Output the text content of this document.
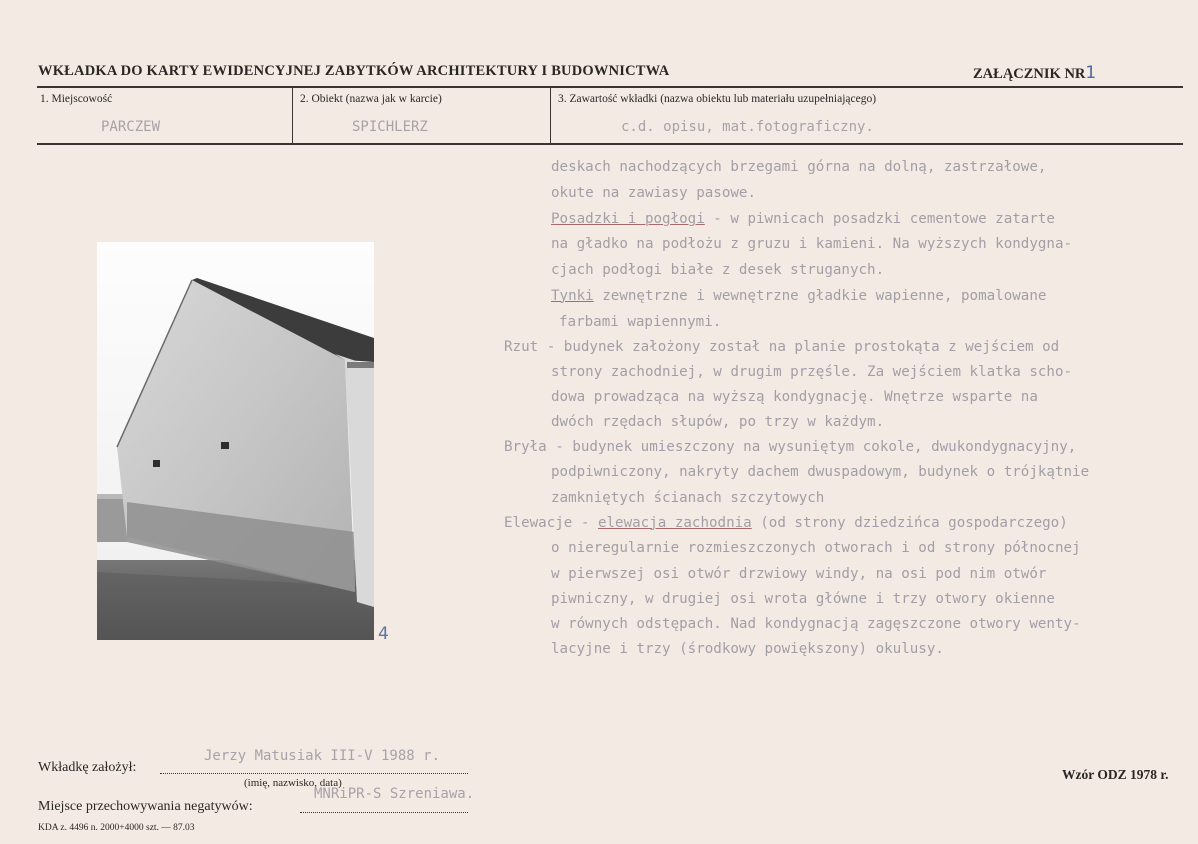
WKŁADKA DO KARTY EWIDENCYJNEJ ZABYTKÓW ARCHITEKTURY I BUDOWNICTWA	ZAŁĄCZNIK NR1
1. Miejscowość
PARCZEW
2. Obiekt (nazwa jak w karcie)
SPICHLERZ
3. Zawartość wkładki (nazwa obiektu lub materiału uzupełniającego)
c.d. opisu, mat.fotograficzny.
4
deskach nachodzących brzegami górna na dolną, zastrzałowe,
okute na zawiasy pasowe.
Posadzki i pogłogi - w piwnicach posadzki cementowe zatarte
na gładko na podłożu z gruzu i kamieni. Na wyższych kondygna-
cjach podłogi białe z desek struganych.
Tynki zewnętrzne i wewnętrzne gładkie wapienne, pomalowane
farbami wapiennymi.
Rzut - budynek założony został na planie prostokąta z wejściem od
strony zachodniej, w drugim przęśle. Za wejściem klatka scho-
dowa prowadząca na wyższą kondygnację. Wnętrze wsparte na
dwóch rzędach słupów, po trzy w każdym.
Bryła - budynek umieszczony na wysuniętym cokole, dwukondygnacyjny,
podpiwniczony, nakryty dachem dwuspadowym, budynek o trójkątnie
zamkniętych ścianach szczytowych
Elewacje - elewacja zachodnia (od strony dziedzińca gospodarczego)
o nieregularnie rozmieszczonych otworach i od strony północnej
w pierwszej osi otwór drzwiowy windy, na osi pod nim otwór
piwniczny, w drugiej osi wrota główne i trzy otwory okienne
w równych odstępach. Nad kondygnacją zagęszczone otwory wenty-
lacyjne i trzy (środkowy powiększony) okulusy.
Wkładkę założył:
Jerzy Matusiak III-V 1988 r.
(imię, nazwisko, data)
Miejsce przechowywania negatywów:
MNRiPR-S Szreniawa.
KDA z. 4496 n. 2000+4000 szt. — 87.03
Wzór ODZ 1978 r.
